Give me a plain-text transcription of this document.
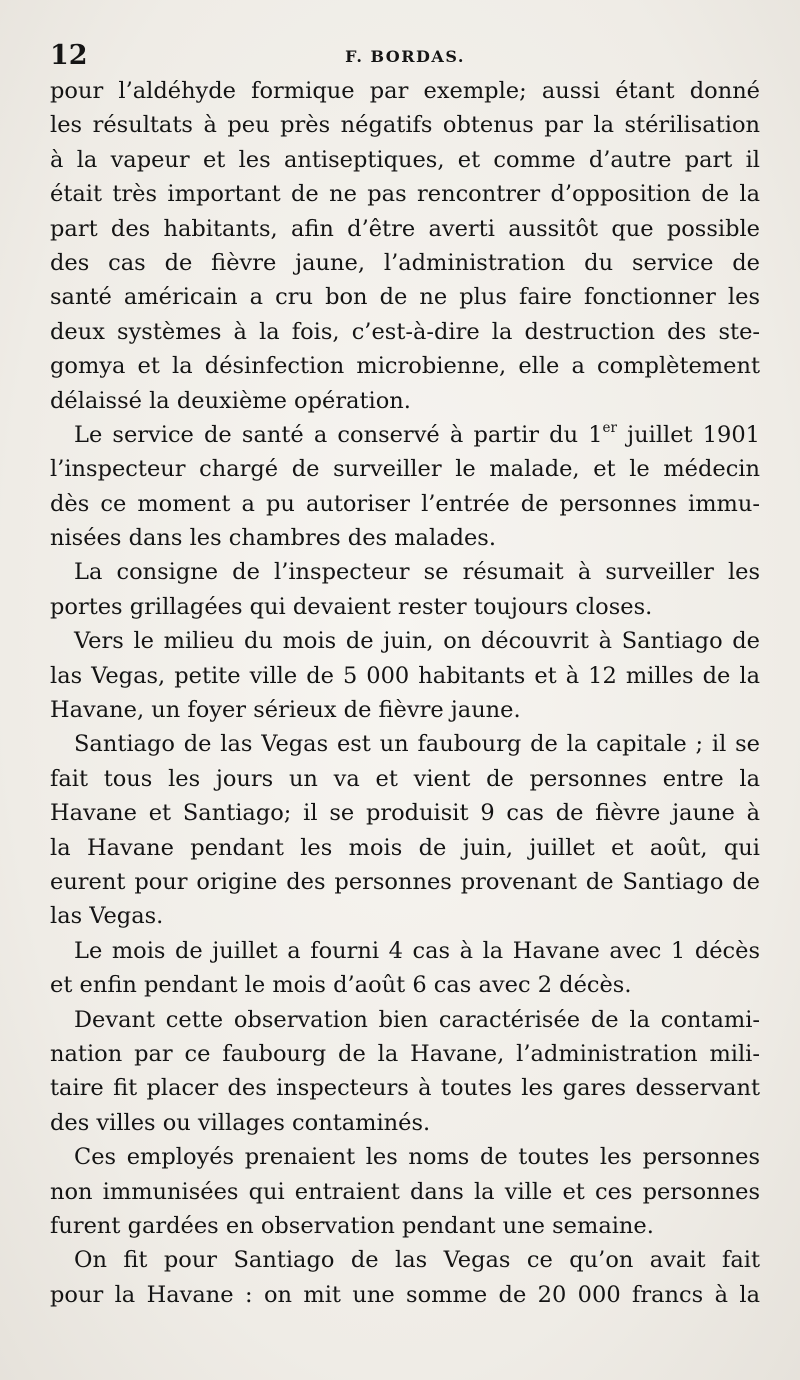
12	F. BORDAS.
pour l’aldéhyde formique par exemple; aussi étant donné
les résultats à peu près négatifs obtenus par la stérilisation
à la vapeur et les antiseptiques, et comme d’autre part il
était très important de ne pas rencontrer d’opposition de la
part des habitants, afin d’être averti aussitôt que possible
des cas de fièvre jaune, l’administration du service de
santé américain a cru bon de ne plus faire fonctionner les
deux systèmes à la fois, c’est-à-dire la destruction des ste-
gomya et la désinfection microbienne, elle a complètement
délaissé la deuxième opération.
Le service de santé a conservé à partir du 1er juillet 1901
l’inspecteur chargé de surveiller le malade, et le médecin
dès ce moment a pu autoriser l’entrée de personnes immu-
nisées dans les chambres des malades.
La consigne de l’inspecteur se résumait à surveiller les
portes grillagées qui devaient rester toujours closes.
Vers le milieu du mois de juin, on découvrit à Santiago de
las Vegas, petite ville de 5 000 habitants et à 12 milles de la
Havane, un foyer sérieux de fièvre jaune.
Santiago de las Vegas est un faubourg de la capitale ; il se
fait tous les jours un va et vient de personnes entre la
Havane et Santiago; il se produisit 9 cas de fièvre jaune à
la Havane pendant les mois de juin, juillet et août, qui
eurent pour origine des personnes provenant de Santiago de
las Vegas.
Le mois de juillet a fourni 4 cas à la Havane avec 1 décès
et enfin pendant le mois d’août 6 cas avec 2 décès.
Devant cette observation bien caractérisée de la contami-
nation par ce faubourg de la Havane, l’administration mili-
taire fit placer des inspecteurs à toutes les gares desservant
des villes ou villages contaminés.
Ces employés prenaient les noms de toutes les personnes
non immunisées qui entraient dans la ville et ces personnes
furent gardées en observation pendant une semaine.
On fit pour Santiago de las Vegas ce qu’on avait fait
pour la Havane : on mit une somme de 20 000 francs à la
